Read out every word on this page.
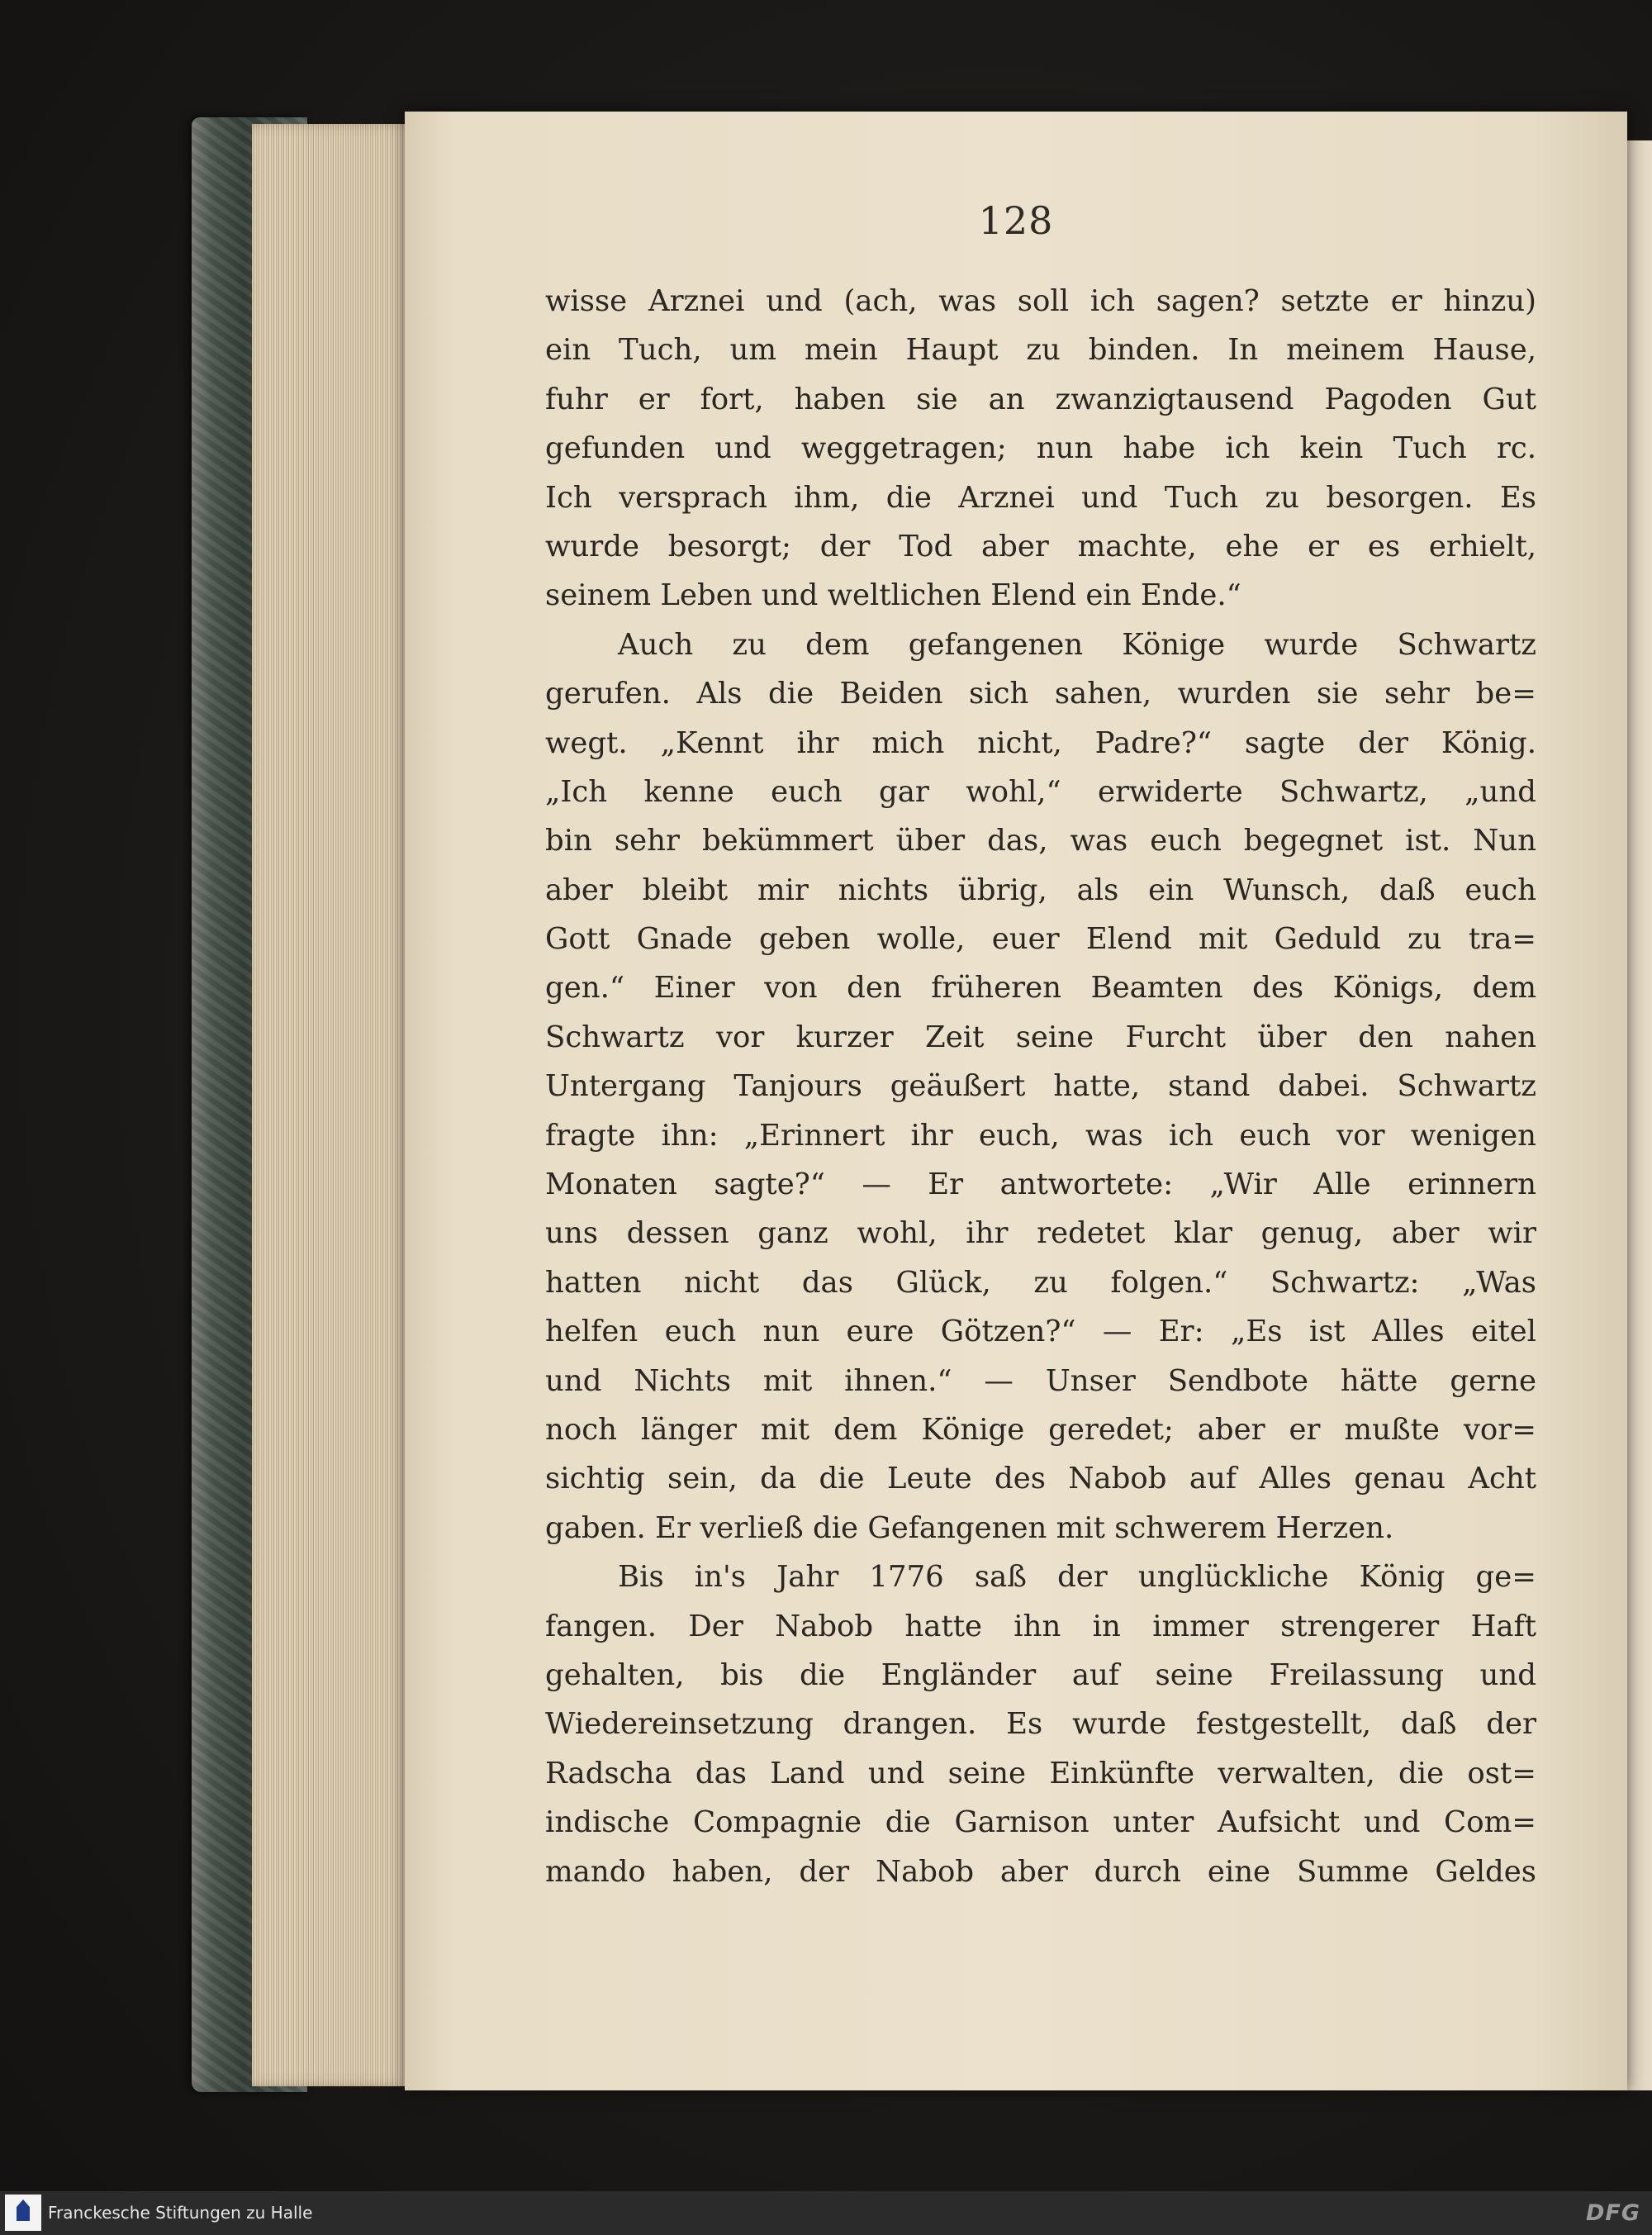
128
wisse Arznei und (ach, was soll ich sagen? setzte er hinzu)
ein Tuch, um mein Haupt zu binden. In meinem Hause,
fuhr er fort, haben sie an zwanzigtausend Pagoden Gut
gefunden und weggetragen; nun habe ich kein Tuch rc.
Ich versprach ihm, die Arznei und Tuch zu besorgen. Es
wurde besorgt; der Tod aber machte, ehe er es erhielt,
seinem Leben und weltlichen Elend ein Ende.“
Auch zu dem gefangenen Könige wurde Schwartz
gerufen. Als die Beiden sich sahen, wurden sie sehr be=
wegt. „Kennt ihr mich nicht, Padre?“ sagte der König.
„Ich kenne euch gar wohl,“ erwiderte Schwartz, „und
bin sehr bekümmert über das, was euch begegnet ist. Nun
aber bleibt mir nichts übrig, als ein Wunsch, daß euch
Gott Gnade geben wolle, euer Elend mit Geduld zu tra=
gen.“ Einer von den früheren Beamten des Königs, dem
Schwartz vor kurzer Zeit seine Furcht über den nahen
Untergang Tanjours geäußert hatte, stand dabei. Schwartz
fragte ihn: „Erinnert ihr euch, was ich euch vor wenigen
Monaten sagte?“ — Er antwortete: „Wir Alle erinnern
uns dessen ganz wohl, ihr redetet klar genug, aber wir
hatten nicht das Glück, zu folgen.“ Schwartz: „Was
helfen euch nun eure Götzen?“ — Er: „Es ist Alles eitel
und Nichts mit ihnen.“ — Unser Sendbote hätte gerne
noch länger mit dem Könige geredet; aber er mußte vor=
sichtig sein, da die Leute des Nabob auf Alles genau Acht
gaben. Er verließ die Gefangenen mit schwerem Herzen.
Bis in's Jahr 1776 saß der unglückliche König ge=
fangen. Der Nabob hatte ihn in immer strengerer Haft
gehalten, bis die Engländer auf seine Freilassung und
Wiedereinsetzung drangen. Es wurde festgestellt, daß der
Radscha das Land und seine Einkünfte verwalten, die ost=
indische Compagnie die Garnison unter Aufsicht und Com=
mando haben, der Nabob aber durch eine Summe Geldes
Franckesche Stiftungen zu Halle	DFG
